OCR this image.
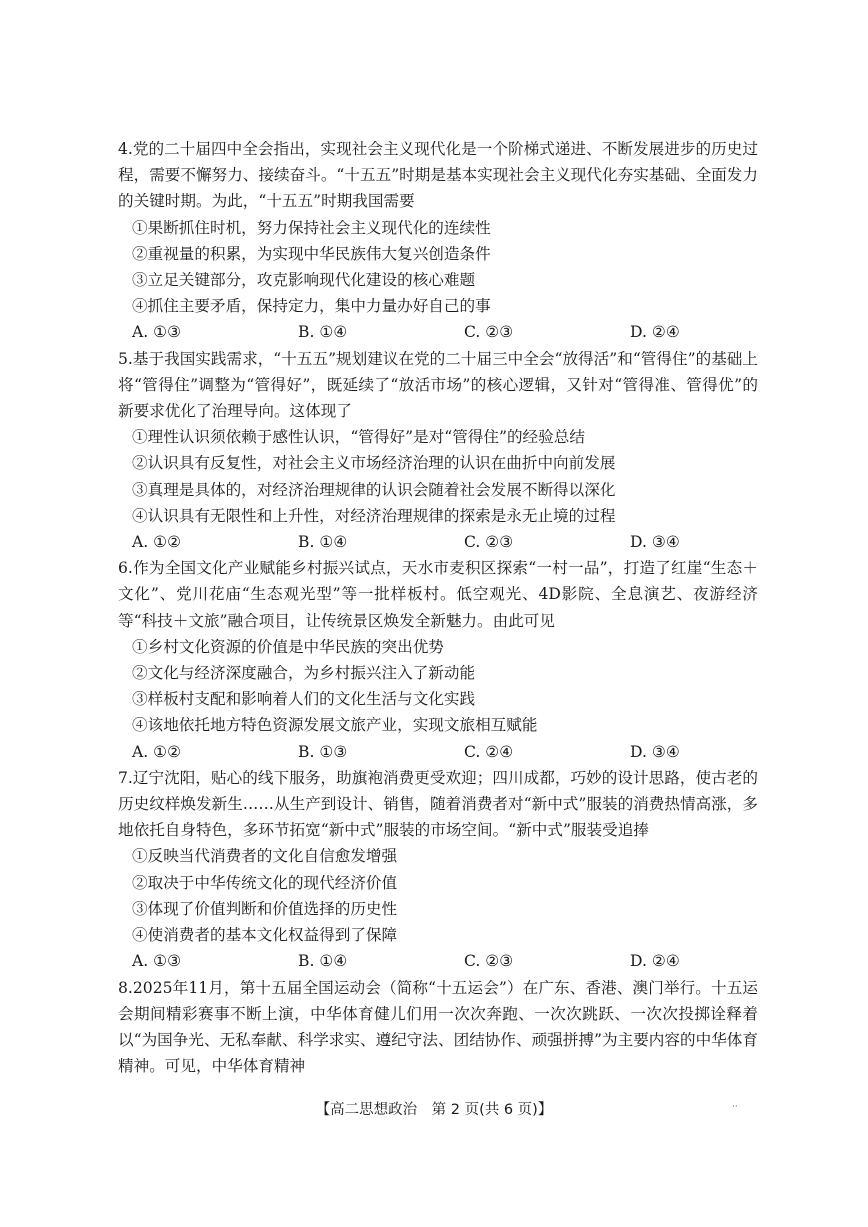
4.党的二十届四中全会指出，实现社会主义现代化是一个阶梯式递进、不断发展进步的历史过程，需要不懈努力、接续奋斗。“十五五”时期是基本实现社会主义现代化夯实基础、全面发力的关键时期。为此，“十五五”时期我国需要

①果断抓住时机，努力保持社会主义现代化的连续性

②重视量的积累，为实现中华民族伟大复兴创造条件

③立足关键部分，攻克影响现代化建设的核心难题

④抓住主要矛盾，保持定力，集中力量办好自己的事

A. ①③	B. ①④	C. ②③	D. ②④

5.基于我国实践需求，“十五五”规划建议在党的二十届三中全会“放得活”和“管得住”的基础上将“管得住”调整为“管得好”，既延续了“放活市场”的核心逻辑，又针对“管得准、管得优”的新要求优化了治理导向。这体现了

①理性认识须依赖于感性认识，“管得好”是对“管得住”的经验总结

②认识具有反复性，对社会主义市场经济治理的认识在曲折中向前发展

③真理是具体的，对经济治理规律的认识会随着社会发展不断得以深化

④认识具有无限性和上升性，对经济治理规律的探索是永无止境的过程

A. ①②	B. ①④	C. ②③	D. ③④

6.作为全国文化产业赋能乡村振兴试点，天水市麦积区探索“一村一品”，打造了红崖“生态＋文化”、党川花庙“生态观光型”等一批样板村。低空观光、4D影院、全息演艺、夜游经济等“科技＋文旅”融合项目，让传统景区焕发全新魅力。由此可见

①乡村文化资源的价值是中华民族的突出优势

②文化与经济深度融合，为乡村振兴注入了新动能

③样板村支配和影响着人们的文化生活与文化实践

④该地依托地方特色资源发展文旅产业，实现文旅相互赋能

A. ①②	B. ①③	C. ②④	D. ③④

7.辽宁沈阳，贴心的线下服务，助旗袍消费更受欢迎；四川成都，巧妙的设计思路，使古老的历史纹样焕发新生……从生产到设计、销售，随着消费者对“新中式”服装的消费热情高涨，多地依托自身特色，多环节拓宽“新中式”服装的市场空间。“新中式”服装受追捧

①反映当代消费者的文化自信愈发增强

②取决于中华传统文化的现代经济价值

③体现了价值判断和价值选择的历史性

④使消费者的基本文化权益得到了保障

A. ①③	B. ①④	C. ②③	D. ②④

8.2025年11月，第十五届全国运动会（简称“十五运会”）在广东、香港、澳门举行。十五运会期间精彩赛事不断上演，中华体育健儿们用一次次奔跑、一次次跳跃、一次次投掷诠释着以“为国争光、无私奉献、科学求实、遵纪守法、团结协作、顽强拼搏”为主要内容的中华体育精神。可见，中华体育精神

【高二思想政治　第 2 页(共 6 页)】	··
